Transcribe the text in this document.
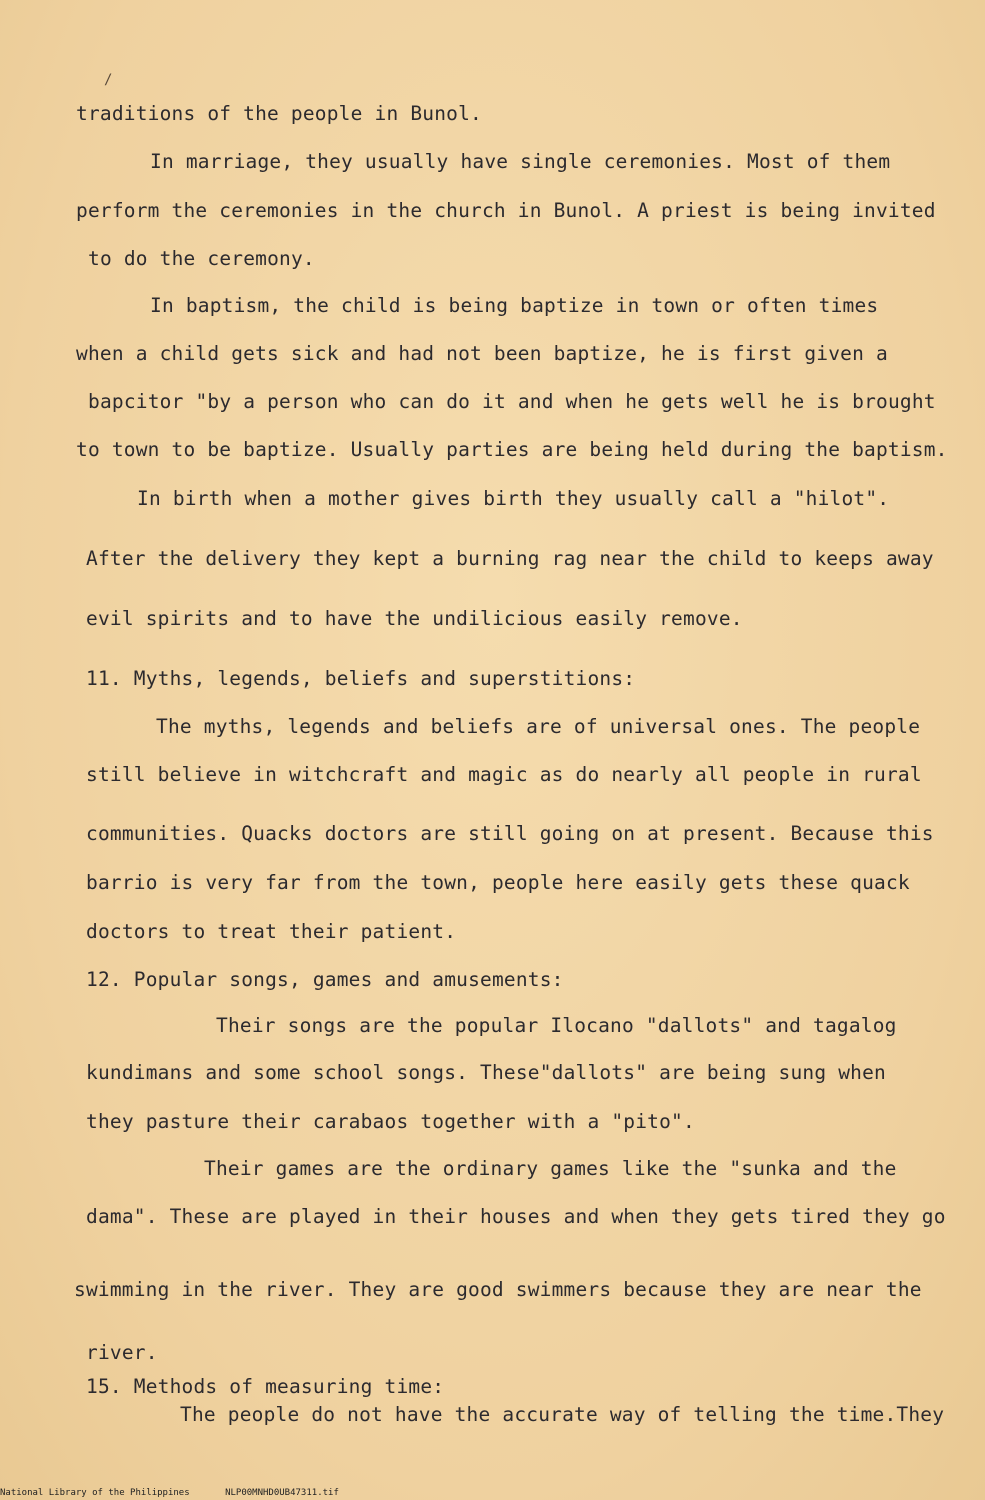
/
traditions of the people in Bunol.
In marriage, they usually have single ceremonies. Most of them
perform the ceremonies in the church in Bunol. A priest is being invited
to do the ceremony.
In baptism, the child is being baptize in town or often times
when a child gets sick and had not been baptize, he is first given a
bapcitor "by a person who can do it and when he gets well he is brought
to town to be baptize. Usually parties are being held during the baptism.
In birth when a mother gives birth they usually call a "hilot".
After the delivery they kept a burning rag near the child to keeps away
evil spirits and to have the undilicious easily remove.
11. Myths, legends, beliefs and superstitions:
The myths, legends and beliefs are of universal ones. The people
still believe in witchcraft and magic as do nearly all people in rural
communities. Quacks doctors are still going on at present. Because this
barrio is very far from the town, people here easily gets these quack
doctors to treat their patient.
12. Popular songs, games and amusements:
Their songs are the popular Ilocano "dallots" and tagalog
kundimans and some school songs. These"dallots" are being sung when
they pasture their carabaos together with a "pito".
Their games are the ordinary games like the "sunka and the
dama". These are played in their houses and when they gets tired they go
swimming in the river. They are good swimmers because they are near the
river.
15. Methods of measuring time:
The people do not have the accurate way of telling the time.They
National Library of the Philippines	NLP00MNHD0UB47311.tif
